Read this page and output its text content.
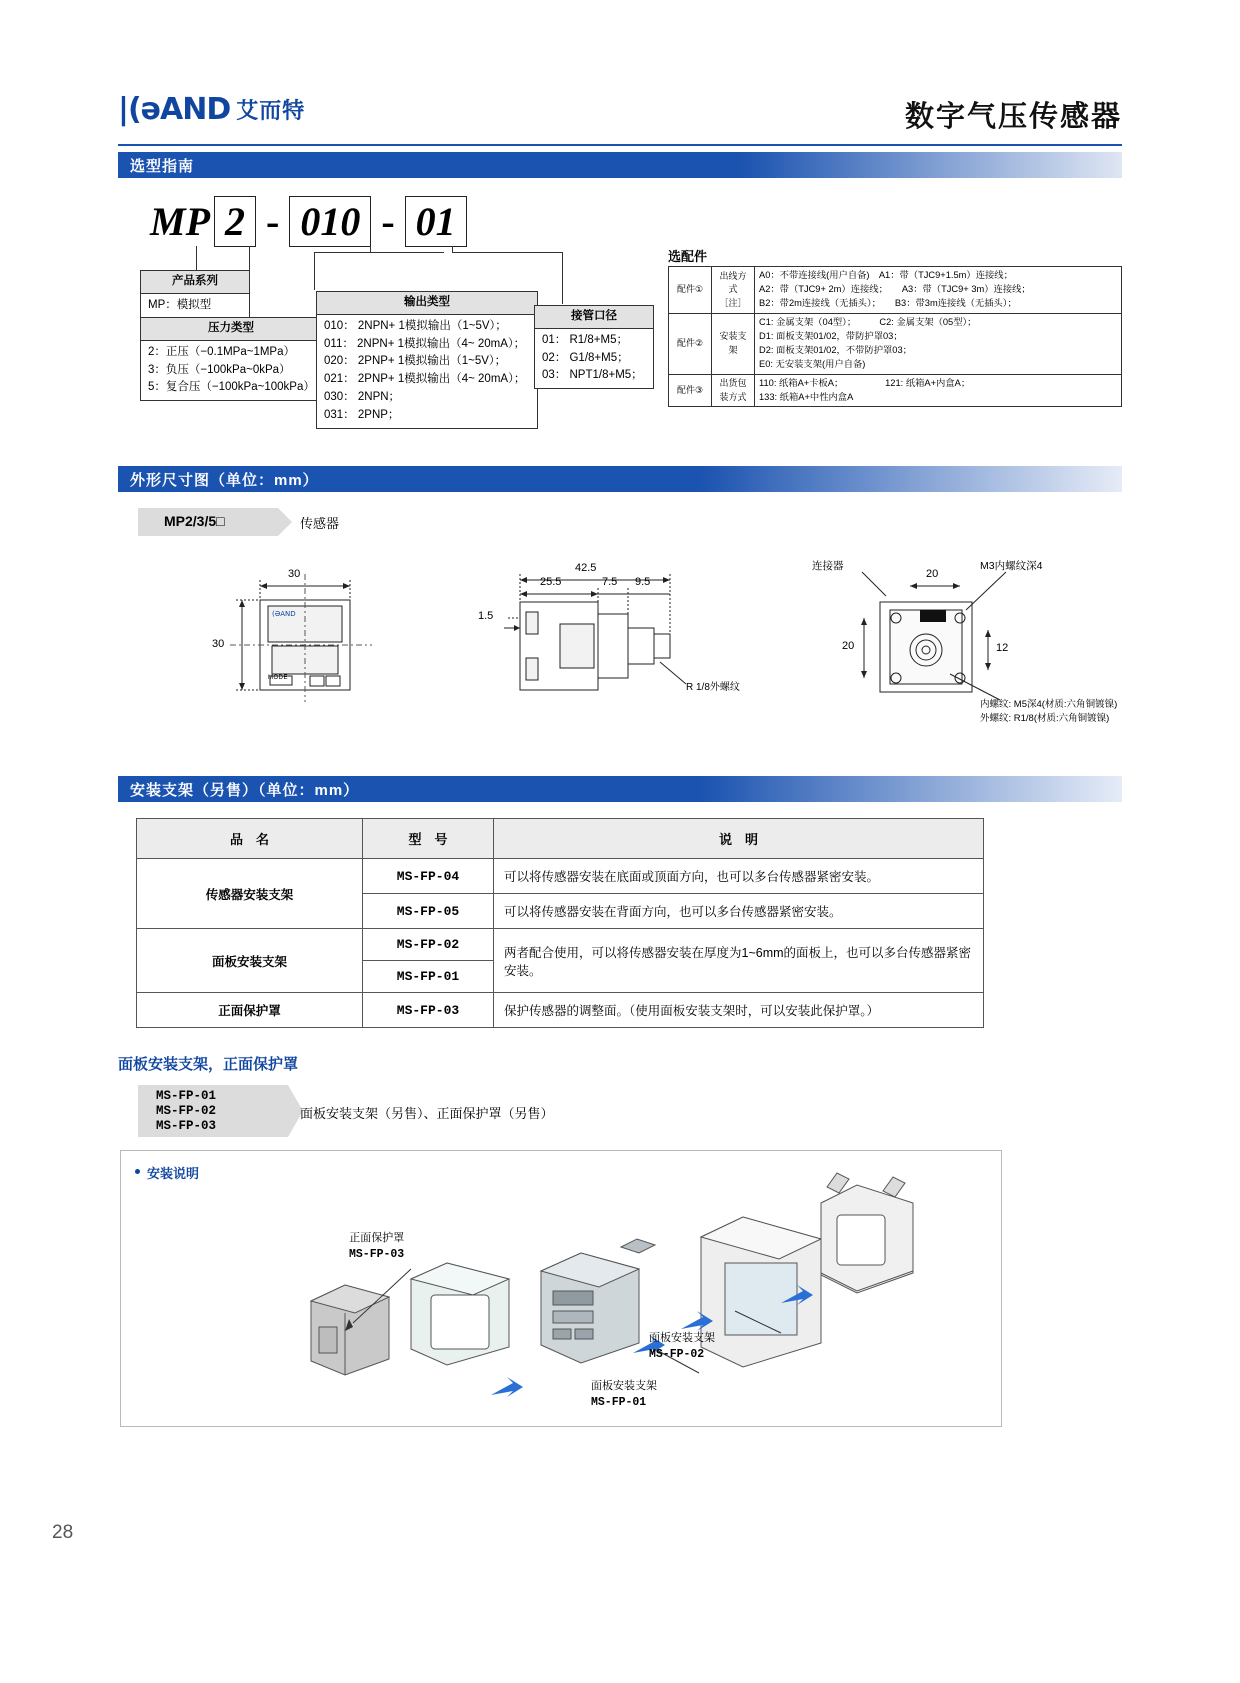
|(əAND 艾而特	数字气压传感器
选型指南
MP 2 - 010 - 01
产品系列
MP：模拟型
压力类型
2：正压（−0.1MPa~1MPa）
3：负压（−100kPa~0kPa）
5：复合压（−100kPa~100kPa）
输出类型
010： 2NPN+ 1模拟输出（1~5V）；
011： 2NPN+ 1模拟输出（4~ 20mA）；
020： 2PNP+ 1模拟输出（1~5V）；
021： 2PNP+ 1模拟输出（4~ 20mA）；
030： 2NPN；
031： 2PNP；
接管口径
01： R1/8+M5；
02： G1/8+M5；
03： NPT1/8+M5；
选配件
配件①	出线方式
［注］	
A0：不带连接线(用户自备)　A1：带（TJC9+1.5m）连接线；
A2：带（TJC9+ 2m）连接线；　　A3：带（TJC9+ 3m）连接线；
B2：带2m连接线（无插头）；　　B3：带3m连接线（无插头）；

配件②	安装支架	C1: 金属支架（04型）；　　　C2: 金属支架（05型）；
D1: 面板支架01/02，带防护罩03；
D2: 面板支架01/02，不带防护罩03；
E0: 无安装支架(用户自备)

配件③	出货包装方式	110: 纸箱A+卡板A；　　　　　121: 纸箱A+内盒A；
133: 纸箱A+中性内盒A
外形尺寸图（单位：mm）
MP2/3/5□	传感器
(ƏAND
30
30
MODE
42.5
25.5	7.5 9.5
1.5
R 1/8外螺纹
20
20	12
连接器	M3内螺纹深4
内螺纹: M5深4(材质:六角铜镀镍)
外螺纹: R1/8(材质:六角铜镀镍)
安装支架（另售）（单位：mm）
品　名	型　号	说　明
传感器安装支架	MS-FP-04	可以将传感器安装在底面或顶面方向，也可以多台传感器紧密安装。
	MS-FP-05	可以将传感器安装在背面方向，也可以多台传感器紧密安装。
面板安装支架	MS-FP-02	两者配合使用，可以将传感器安装在厚度为1~6mm的面板上，也可以多台传感器紧密安装。
	MS-FP-01	
正面保护罩	MS-FP-03	保护传感器的调整面。（使用面板安装支架时，可以安装此保护罩。）
面板安装支架，正面保护罩
MS-FP-01
MS-FP-02
MS-FP-03
面板安装支架（另售）、正面保护罩（另售）
安装说明
正面保护罩
MS-FP-03
面板安装支架
MS-FP-02
面板安装支架
MS-FP-01
28
